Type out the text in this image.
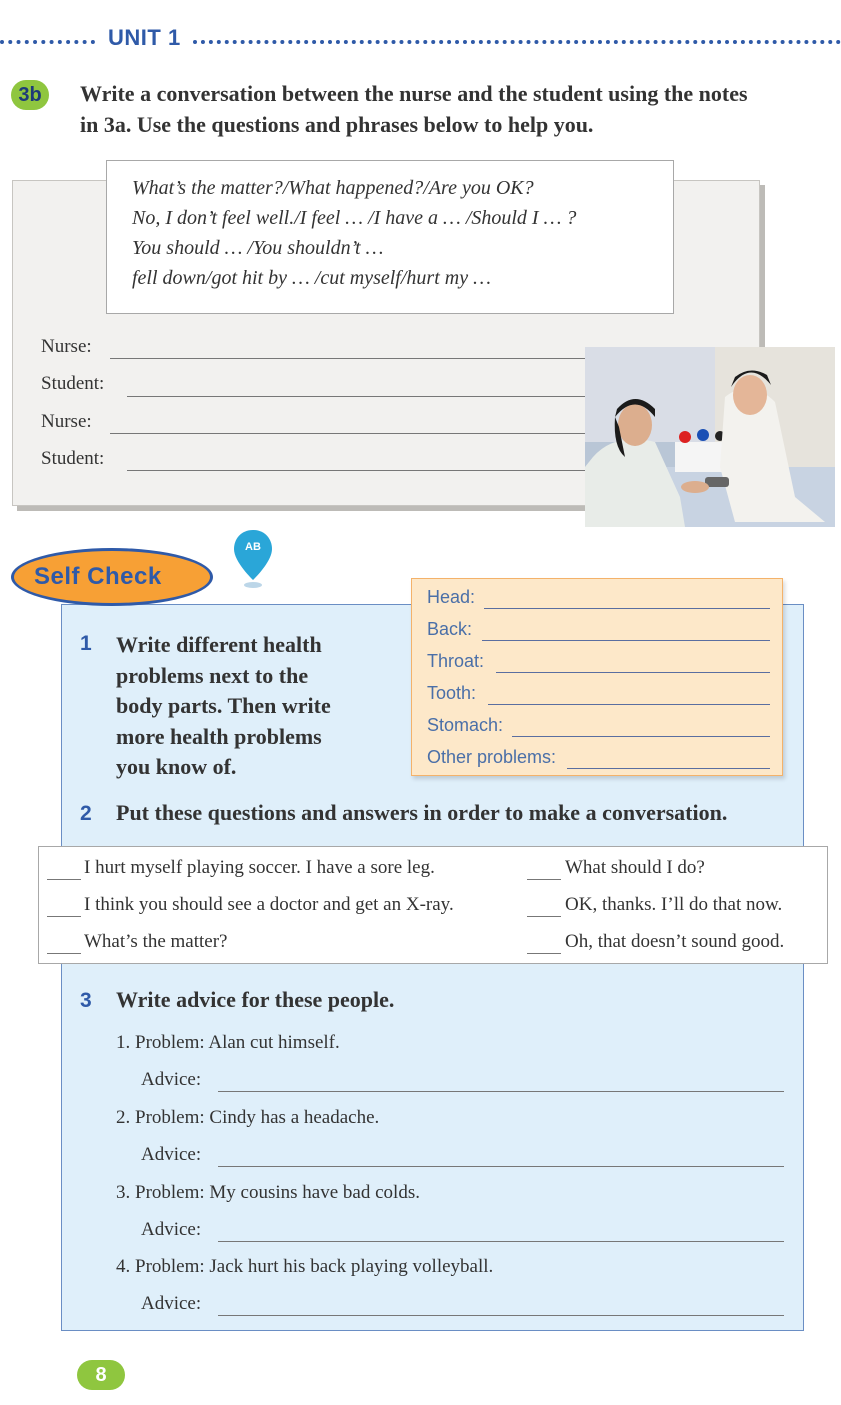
UNIT 1
3b	Write a conversation between the nurse and the student using the notes
in 3a. Use the questions and phrases below to help you.
What’s the matter?/What happened?/Are you OK?
No, I don’t feel well./I feel … /I have a … /Should I … ?
You should … /You shouldn’t …
fell down/got hit by … /cut myself/hurt my …
Nurse:
Student:
Nurse:
Student:
Self Check
AB
1 Write different health
problems next to the
body parts. Then write
more health problems
you know of.
Head:
Back:
Throat:
Tooth:
Stomach:
Other problems:
2 Put these questions and answers in order to make a conversation.
I hurt myself playing soccer. I have a sore leg.
I think you should see a doctor and get an X-ray.
What’s the matter?
What should I do?
OK, thanks. I’ll do that now.
Oh, that doesn’t sound good.
3 Write advice for these people.
1. Problem: Alan cut himself.
Advice:
2. Problem: Cindy has a headache.
Advice:
3. Problem: My cousins have bad colds.
Advice:
4. Problem: Jack hurt his back playing volleyball.
Advice:
8
